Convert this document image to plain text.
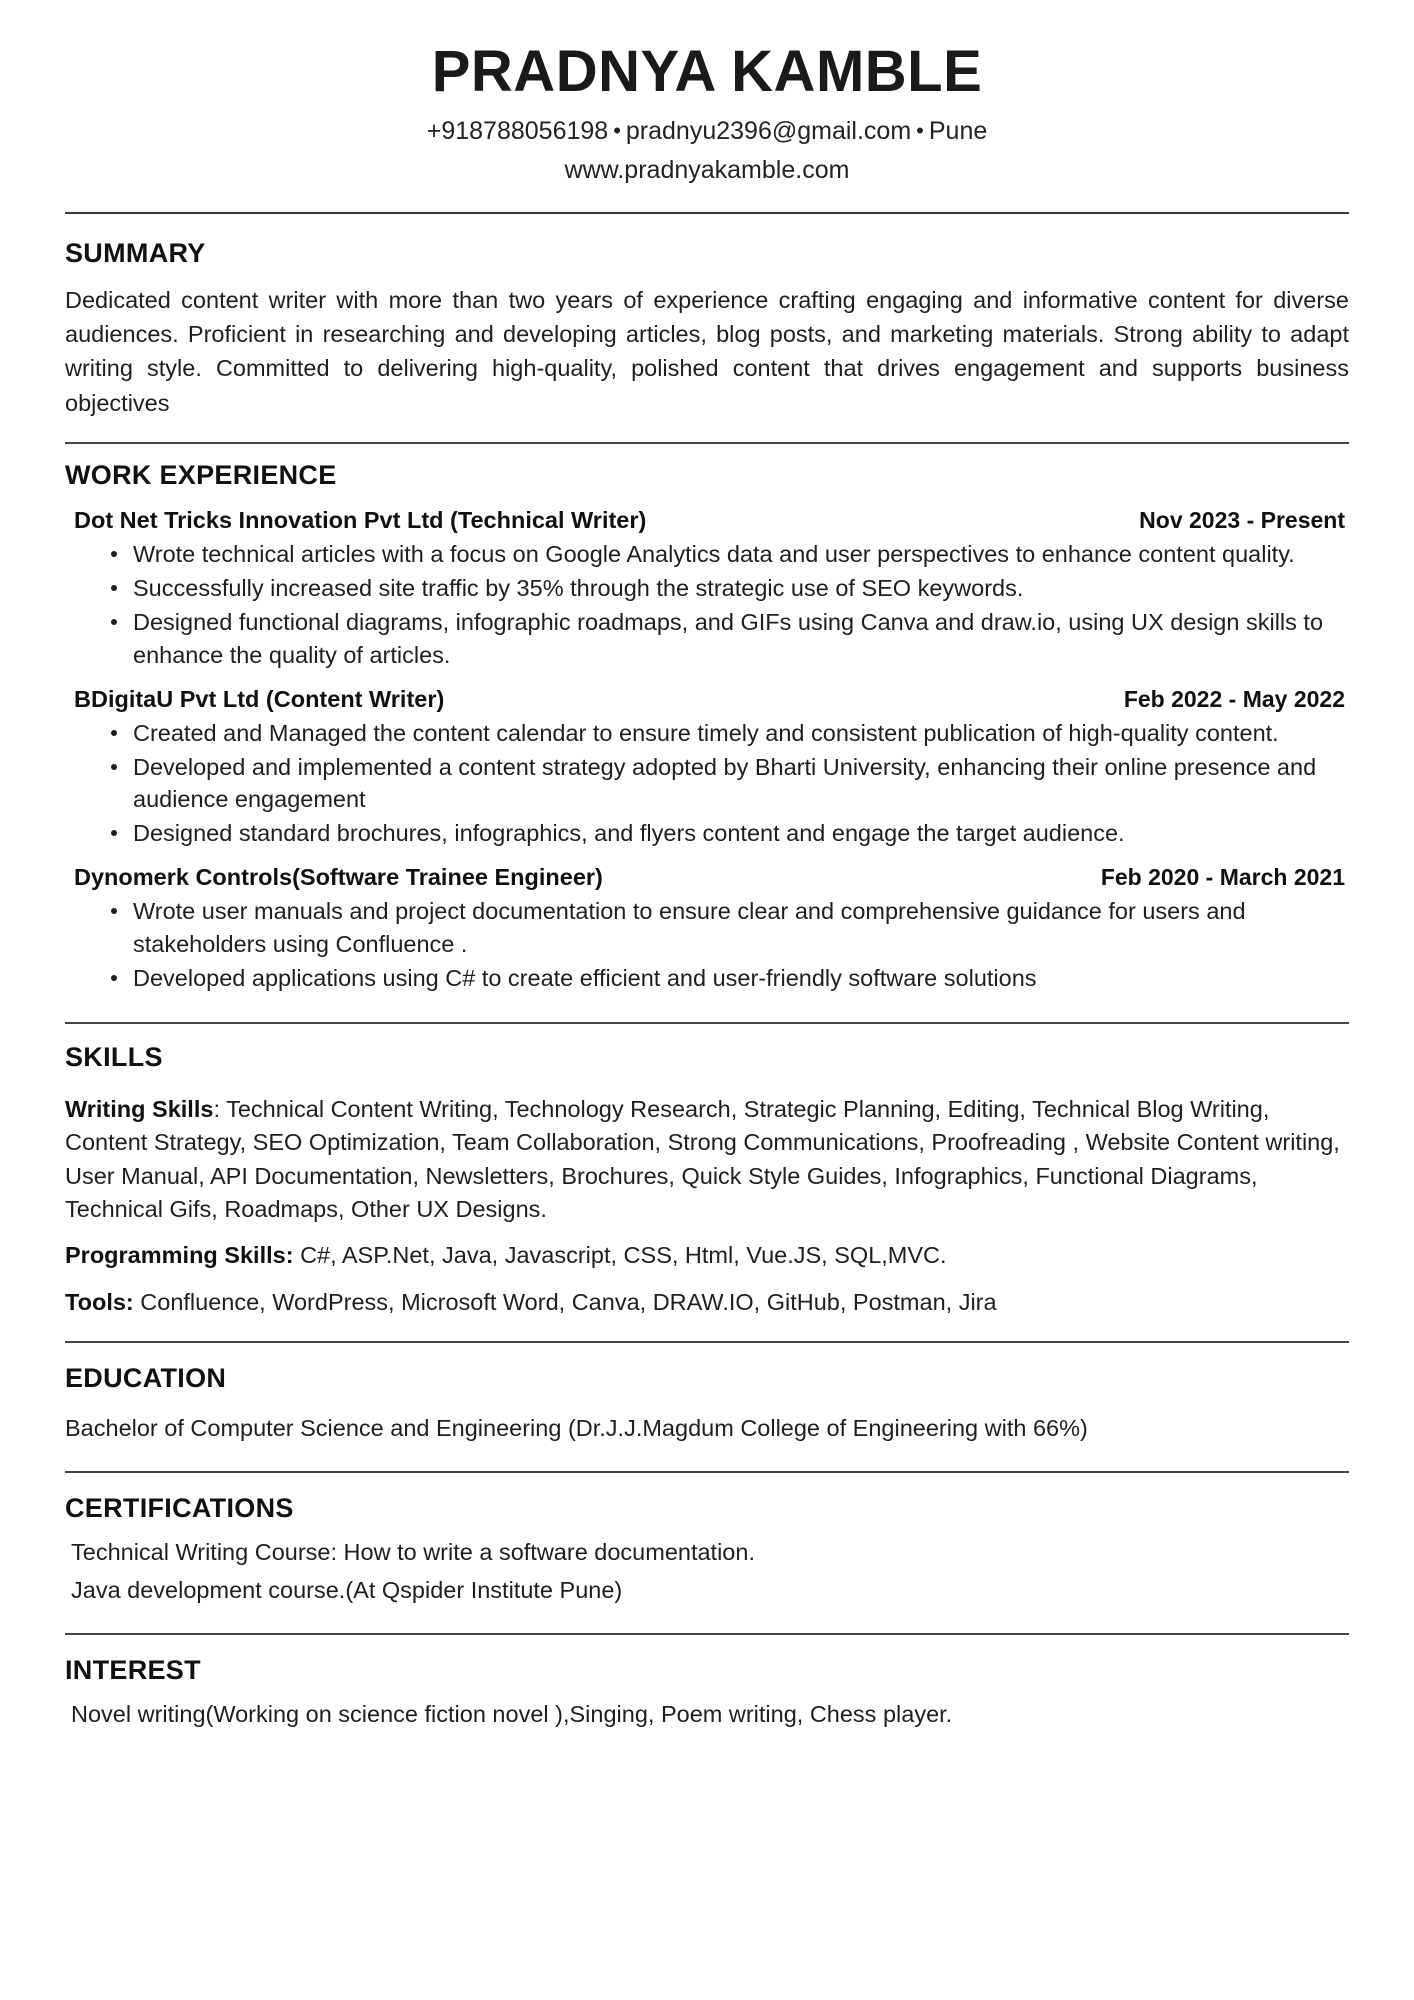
PRADNYA KAMBLE
+918788056198 • pradnyu2396@gmail.com • Pune
www.pradnyakamble.com
SUMMARY

Dedicated content writer with more than two years of experience crafting engaging and informative content for diverse audiences. Proficient in researching and developing articles, blog posts, and marketing materials. Strong ability to adapt writing style. Committed to delivering high-quality, polished content that drives engagement and supports business objectives

WORK EXPERIENCE
Dot Net Tricks Innovation Pvt Ltd (Technical Writer)	Nov 2023 - Present
Wrote technical articles with a focus on Google Analytics data and user perspectives to enhance content quality.
Successfully increased site traffic by 35% through the strategic use of SEO keywords.
Designed functional diagrams, infographic roadmaps, and GIFs using Canva and draw.io, using UX design skills to enhance the quality of articles.
BDigitaU Pvt Ltd (Content Writer)	Feb 2022 - May 2022
Created and Managed the content calendar to ensure timely and consistent publication of high-quality content.
Developed and implemented a content strategy adopted by Bharti University, enhancing their online presence and audience engagement
Designed standard brochures, infographics, and flyers content and engage the target audience.
Dynomerk Controls(Software Trainee Engineer)	Feb 2020 - March 2021
Wrote user manuals and project documentation to ensure clear and comprehensive guidance for users and stakeholders using Confluence .
Developed applications using C# to create efficient and user-friendly software solutions
SKILLS
Writing Skills: Technical Content Writing, Technology Research, Strategic Planning, Editing, Technical Blog Writing, Content Strategy, SEO Optimization, Team Collaboration, Strong Communications, Proofreading , Website Content writing, User Manual, API Documentation, Newsletters, Brochures, Quick Style Guides, Infographics, Functional Diagrams, Technical Gifs, Roadmaps, Other UX Designs.
Programming Skills: C#, ASP.Net, Java, Javascript, CSS, Html, Vue.JS, SQL,MVC.
Tools: Confluence, WordPress, Microsoft Word, Canva, DRAW.IO, GitHub, Postman, Jira
EDUCATION
Bachelor of Computer Science and Engineering (Dr.J.J.Magdum College of Engineering with 66%)
CERTIFICATIONS
Technical Writing Course: How to write a software documentation.
Java development course.(At Qspider Institute Pune)
INTEREST
Novel writing(Working on science fiction novel ),Singing, Poem writing, Chess player.
